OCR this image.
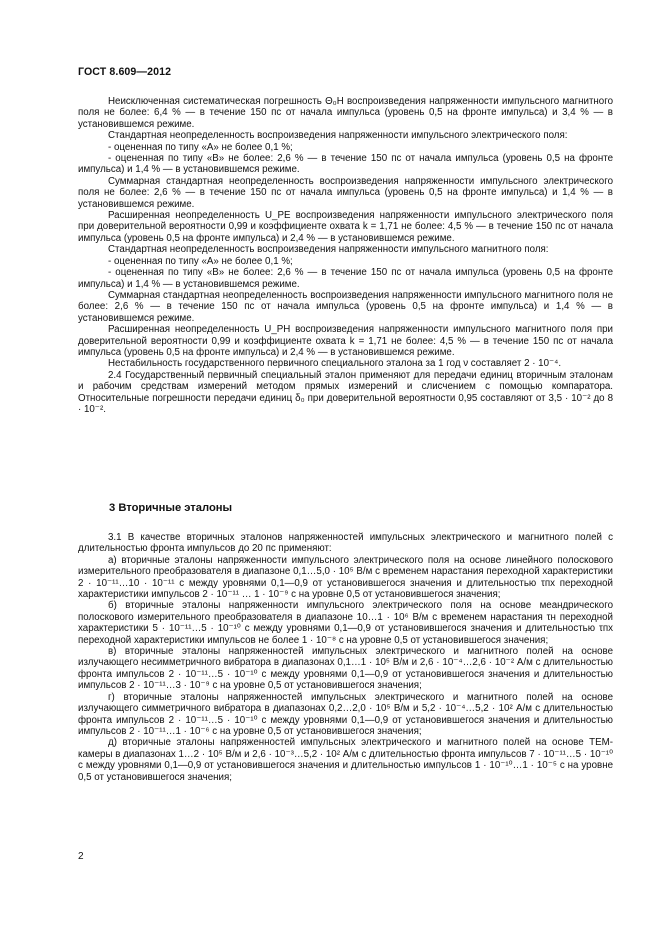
ГОСТ 8.609—2012

Неисключенная систематическая погрешность Θ₀H воспроизведения напряженности импульсного магнитного поля не более: 6,4 % — в течение 150 пс от начала импульса (уровень 0,5 на фронте импульса) и 3,4 % — в установившемся режиме.

Стандартная неопределенность воспроизведения напряженности импульсного электрического поля:

- оцененная по типу «А» не более 0,1 %;

- оцененная по типу «В» не более: 2,6 % — в течение 150 пс от начала импульса (уровень 0,5 на фронте импульса) и 1,4 % — в установившемся режиме.

Суммарная стандартная неопределенность воспроизведения напряженности импульсного электрического поля не более: 2,6 % — в течение 150 пс от начала импульса (уровень 0,5 на фронте импульса) и 1,4 % — в установившемся режиме.

Расширенная неопределенность U_PE воспроизведения напряженности импульсного электрического поля при доверительной вероятности 0,99 и коэффициенте охвата k = 1,71 не более: 4,5 % — в течение 150 пс от начала импульса (уровень 0,5 на фронте импульса) и 2,4 % — в установившемся режиме.

Стандартная неопределенность воспроизведения напряженности импульсного магнитного поля:

- оцененная по типу «А» не более 0,1 %;

- оцененная по типу «В» не более: 2,6 % — в течение 150 пс от начала импульса (уровень 0,5 на фронте импульса) и 1,4 % — в установившемся режиме.

Суммарная стандартная неопределенность воспроизведения напряженности импульсного магнитного поля не более: 2,6 % — в течение 150 пс от начала импульса (уровень 0,5 на фронте импульса) и 1,4 % — в установившемся режиме.

Расширенная неопределенность U_PH воспроизведения напряженности импульсного магнитного поля при доверительной вероятности 0,99 и коэффициенте охвата k = 1,71 не более: 4,5 % — в течение 150 пс от начала импульса (уровень 0,5 на фронте импульса) и 2,4 % — в установившемся режиме.

Нестабильность государственного первичного специального эталона за 1 год ν составляет 2 · 10⁻⁴.

2.4 Государственный первичный специальный эталон применяют для передачи единиц вторичным эталонам и рабочим средствам измерений методом прямых измерений и слисчением с помощью компаратора. Относительные погрешности передачи единиц δ₀ при доверительной вероятности 0,95 составляют от 3,5 · 10⁻² до 8 · 10⁻².

3 Вторичные эталоны

3.1 В качестве вторичных эталонов напряженностей импульсных электрического и магнитного полей с длительностью фронта импульсов до 20 пс применяют:

а) вторичные эталоны напряженности импульсного электрического поля на основе линейного полоскового измерительного преобразователя в диапазоне 0,1…5,0 · 10⁵ В/м с временем нарастания переходной характеристики 2 · 10⁻¹¹…10 · 10⁻¹¹ с между уровнями 0,1—0,9 от установившегося значения и длительностью τпх переходной характеристики импульсов 2 · 10⁻¹¹ … 1 · 10⁻⁹ с на уровне 0,5 от установившегося значения;

б) вторичные эталоны напряженности импульсного электрического поля на основе меандрического полоскового измерительного преобразователя в диапазоне 10…1 · 10⁶ В/м с временем нарастания τн переходной характеристики 5 · 10⁻¹¹…5 · 10⁻¹⁰ с между уровнями 0,1—0,9 от установившегося значения и длительностью τпх переходной характеристики импульсов не более 1 · 10⁻⁸ с на уровне 0,5 от установившегося значения;

в) вторичные эталоны напряженностей импульсных электрического и магнитного полей на основе излучающего несимметричного вибратора в диапазонах 0,1…1 · 10⁵ В/м и 2,6 · 10⁻⁴…2,6 · 10⁻² А/м с длительностью фронта импульсов 2 · 10⁻¹¹…5 · 10⁻¹⁰ с между уровнями 0,1—0,9 от установившегося значения и длительностью импульсов 2 · 10⁻¹¹…3 · 10⁻⁹ с на уровне 0,5 от установившегося значения;

г) вторичные эталоны напряженностей импульсных электрического и магнитного полей на основе излучающего симметричного вибратора в диапазонах 0,2…2,0 · 10⁵ В/м и 5,2 · 10⁻⁴…5,2 · 10² А/м с длительностью фронта импульсов 2 · 10⁻¹¹…5 · 10⁻¹⁰ с между уровнями 0,1—0,9 от установившегося значения и длительностью импульсов 2 · 10⁻¹¹…1 · 10⁻⁶ с на уровне 0,5 от установившегося значения;

д) вторичные эталоны напряженностей импульсных электрического и магнитного полей на основе ТЕМ-камеры в диапазонах 1…2 · 10⁵ В/м и 2,6 · 10⁻³…5,2 · 10² А/м с длительностью фронта импульсов 7 · 10⁻¹¹…5 · 10⁻¹⁰ с между уровнями 0,1—0,9 от установившегося значения и длительностью импульсов 1 · 10⁻¹⁰…1 · 10⁻⁵ с на уровне 0,5 от установившегося значения;

2
